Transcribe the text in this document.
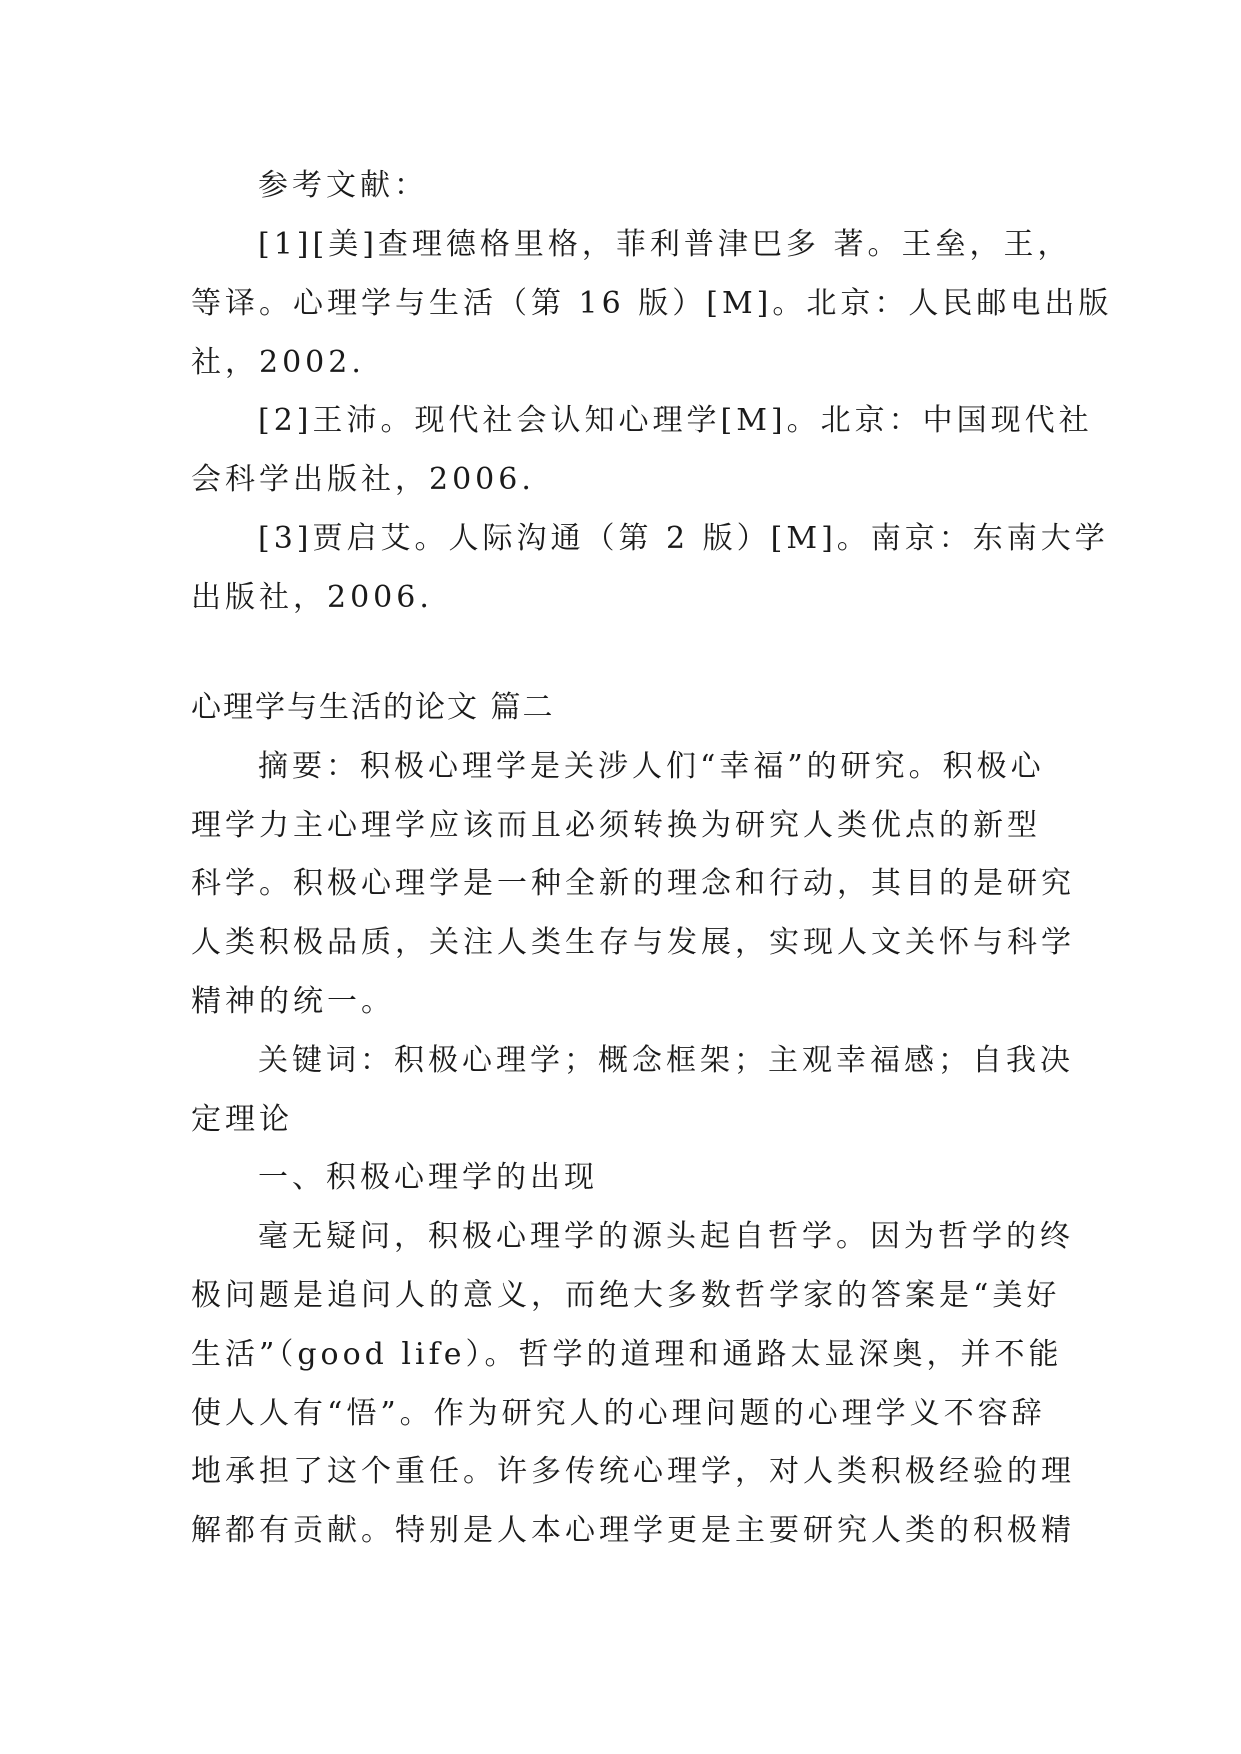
参考文献：
[1][美]查理德格里格，菲利普津巴多 著。王垒，王，
等译。心理学与生活（第 16 版）[M]。北京：人民邮电出版
社，2002.
[2]王沛。现代社会认知心理学[M]。北京：中国现代社
会科学出版社，2006.
[3]贾启艾。人际沟通（第 2 版）[M]。南京：东南大学
出版社，2006.
心理学与生活的论文 篇二
摘要：积极心理学是关涉人们“幸福”的研究。积极心
理学力主心理学应该而且必须转换为研究人类优点的新型
科学。积极心理学是一种全新的理念和行动，其目的是研究
人类积极品质，关注人类生存与发展，实现人文关怀与科学
精神的统一。
关键词：积极心理学；概念框架；主观幸福感；自我决
定理论
一、积极心理学的出现
毫无疑问，积极心理学的源头起自哲学。因为哲学的终
极问题是追问人的意义，而绝大多数哲学家的答案是“美好
生活”（good life）。哲学的道理和通路太显深奥，并不能
使人人有“悟”。作为研究人的心理问题的心理学义不容辞
地承担了这个重任。许多传统心理学，对人类积极经验的理
解都有贡献。特别是人本心理学更是主要研究人类的积极精
